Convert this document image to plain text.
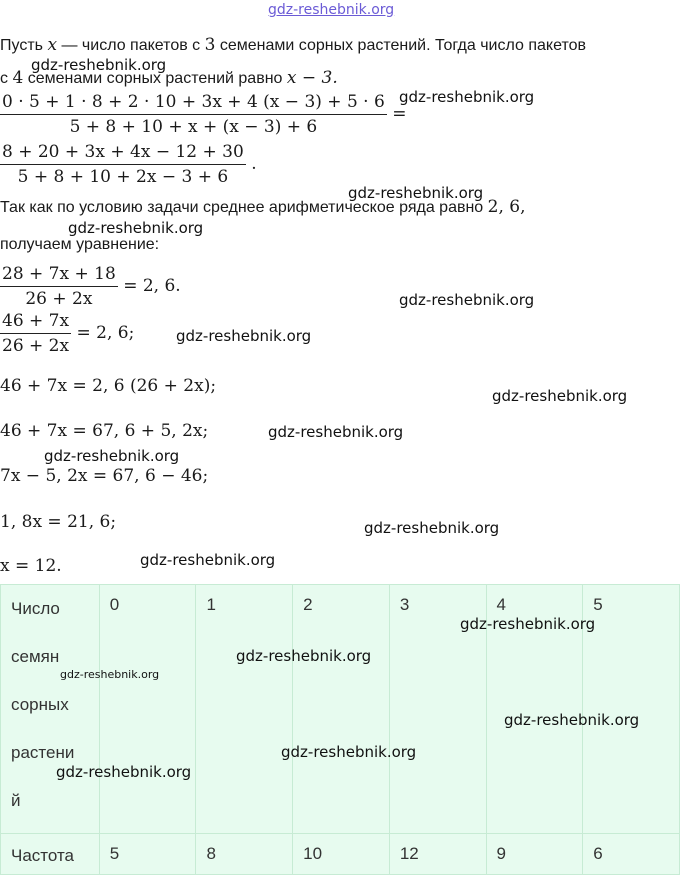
gdz-reshebnik.org
Пусть x — число пакетов с 3 семенами сорных растений. Тогда число пакетов
с 4 семенами сорных растений равно x − 3.
$\frac{0 \cdot 5 + 1 \cdot 8 + 2 \cdot 10 + 3x + 4 (x - 3) + 5 \cdot 6}{5 + 8 + 10 + x + (x - 3) + 6}$ =
$\frac{8 + 20 + 3x + 4x - 12 + 30}{5 + 8 + 10 + 2x - 3 + 6}$ .
Так как по условию задачи среднее арифметическое ряда равно 2, 6,
получаем уравнение:
$\frac{28 + 7x + 18}{26 + 2x} = 2$, 6.
$\frac{46 + 7x}{26 + 2x} = 2$, 6;
46 + 7x = 2, 6 (26 + 2x);
46 + 7x = 67, 6 + 5, 2x;
7x − 5, 2x = 67, 6 − 46;
1, 8x = 21, 6;
x = 12.
Число
семян
сорных
растени
й	0	1	2	3	4	5
Частота	5	8	10	12	9	6
gdz-reshebnik.org
gdz-reshebnik.org
gdz-reshebnik.org
gdz-reshebnik.org
gdz-reshebnik.org
gdz-reshebnik.org
gdz-reshebnik.org
gdz-reshebnik.org
gdz-reshebnik.org
gdz-reshebnik.org
gdz-reshebnik.org
gdz-reshebnik.org
gdz-reshebnik.org
gdz-reshebnik.org
gdz-reshebnik.org
gdz-reshebnik.org
gdz-reshebnik.org
